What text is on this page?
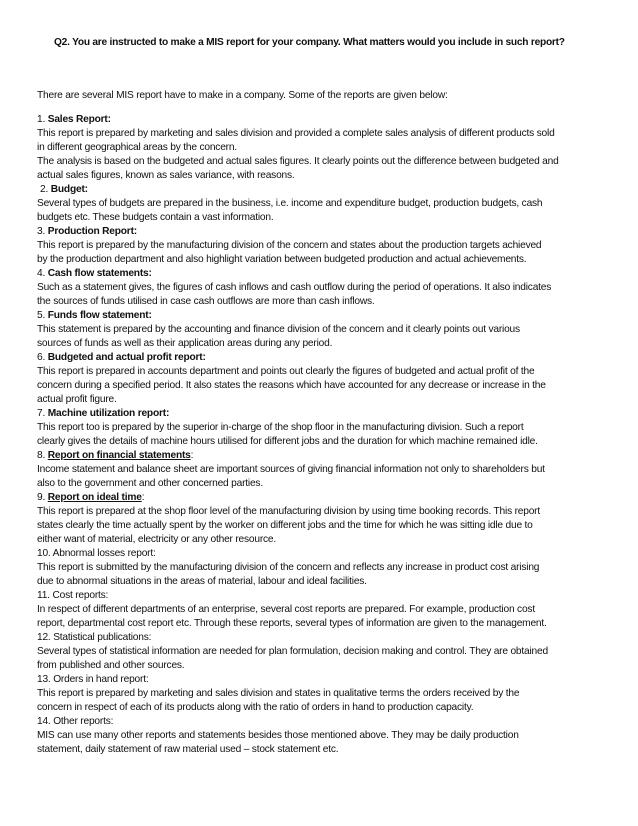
Q2. You are instructed to make a MIS report for your company. What matters would you include in such report?

There are several MIS report have to make in a company. Some of the reports are given below:

1. Sales Report:
This report is prepared by marketing and sales division and provided a complete sales analysis of different products sold
in different geographical areas by the concern.
The analysis is based on the budgeted and actual sales figures. It clearly points out the difference between budgeted and
actual sales figures, known as sales variance, with reasons.
2. Budget:
Several types of budgets are prepared in the business, i.e. income and expenditure budget, production budgets, cash
budgets etc. These budgets contain a vast information.
3. Production Report:
This report is prepared by the manufacturing division of the concern and states about the production targets achieved
by the production department and also highlight variation between budgeted production and actual achievements.
4. Cash flow statements:
Such as a statement gives, the figures of cash inflows and cash outflow during the period of operations. It also indicates
the sources of funds utilised in case cash outflows are more than cash inflows.
5. Funds flow statement:
This statement is prepared by the accounting and finance division of the concern and it clearly points out various
sources of funds as well as their application areas during any period.
6. Budgeted and actual profit report:
This report is prepared in accounts department and points out clearly the figures of budgeted and actual profit of the
concern during a specified period. It also states the reasons which have accounted for any decrease or increase in the
actual profit figure.
7. Machine utilization report:
This report too is prepared by the superior in-charge of the shop floor in the manufacturing division. Such a report
clearly gives the details of machine hours utilised for different jobs and the duration for which machine remained idle.
8. Report on financial statements:
Income statement and balance sheet are important sources of giving financial information not only to shareholders but
also to the government and other concerned parties.
9. Report on ideal time:
This report is prepared at the shop floor level of the manufacturing division by using time booking records. This report
states clearly the time actually spent by the worker on different jobs and the time for which he was sitting idle due to
either want of material, electricity or any other resource.
10. Abnormal losses report:
This report is submitted by the manufacturing division of the concern and reflects any increase in product cost arising
due to abnormal situations in the areas of material, labour and ideal facilities.
11. Cost reports:
In respect of different departments of an enterprise, several cost reports are prepared. For example, production cost
report, departmental cost report etc. Through these reports, several types of information are given to the management.
12. Statistical publications:
Several types of statistical information are needed for plan formulation, decision making and control. They are obtained
from published and other sources.
13. Orders in hand report:
This report is prepared by marketing and sales division and states in qualitative terms the orders received by the
concern in respect of each of its products along with the ratio of orders in hand to production capacity.
14. Other reports:
MIS can use many other reports and statements besides those mentioned above. They may be daily production
statement, daily statement of raw material used – stock statement etc.
